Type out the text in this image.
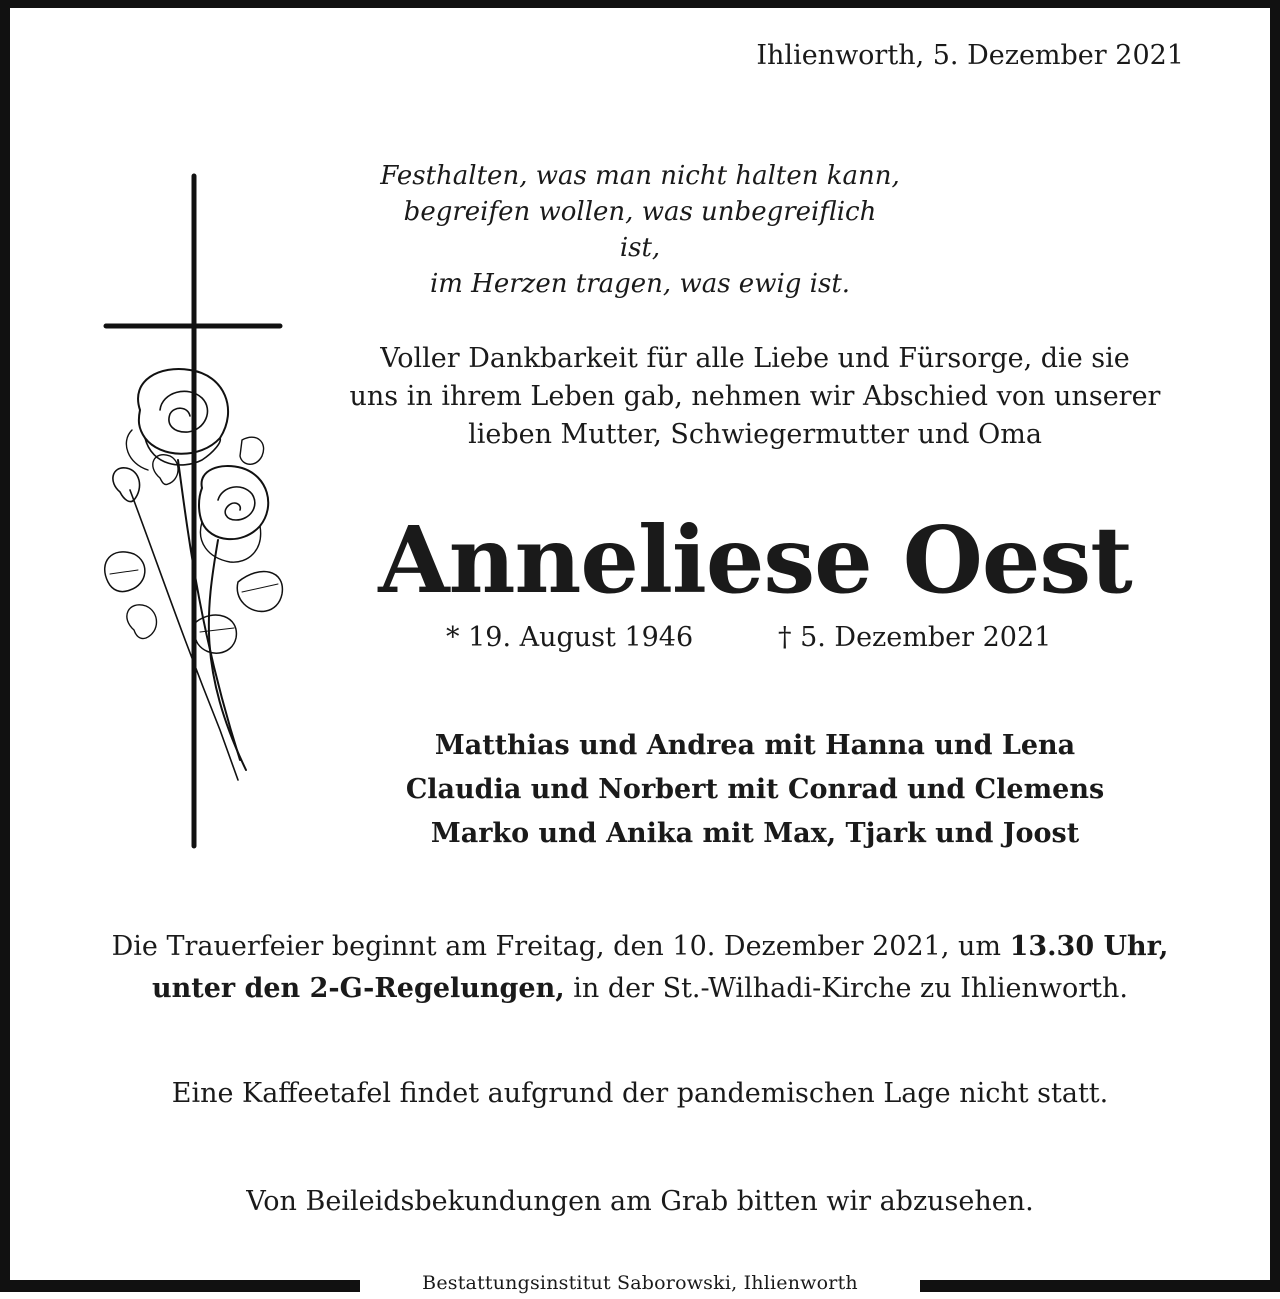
Ihlienworth, 5. Dezember 2021
Festhalten, was man nicht halten kann,
begreifen wollen, was unbegreiflich ist,
im Herzen tragen, was ewig ist.
Voller Dankbarkeit für alle Liebe und Fürsorge, die sie
uns in ihrem Leben gab, nehmen wir Abschied von unserer
lieben Mutter, Schwiegermutter und Oma
Anneliese Oest
* 19. August 1946	† 5. Dezember 2021
Matthias und Andrea mit Hanna und Lena
Claudia und Norbert mit Conrad und Clemens
Marko und Anika mit Max, Tjark und Joost
Die Trauerfeier beginnt am Freitag, den 10. Dezember 2021, um 13.30 Uhr,
unter den 2-G-Regelungen, in der St.-Wilhadi-Kirche zu Ihlienworth.
Eine Kaffeetafel findet aufgrund der pandemischen Lage nicht statt.
Von Beileidsbekundungen am Grab bitten wir abzusehen.
Bestattungsinstitut Saborowski, Ihlienworth
